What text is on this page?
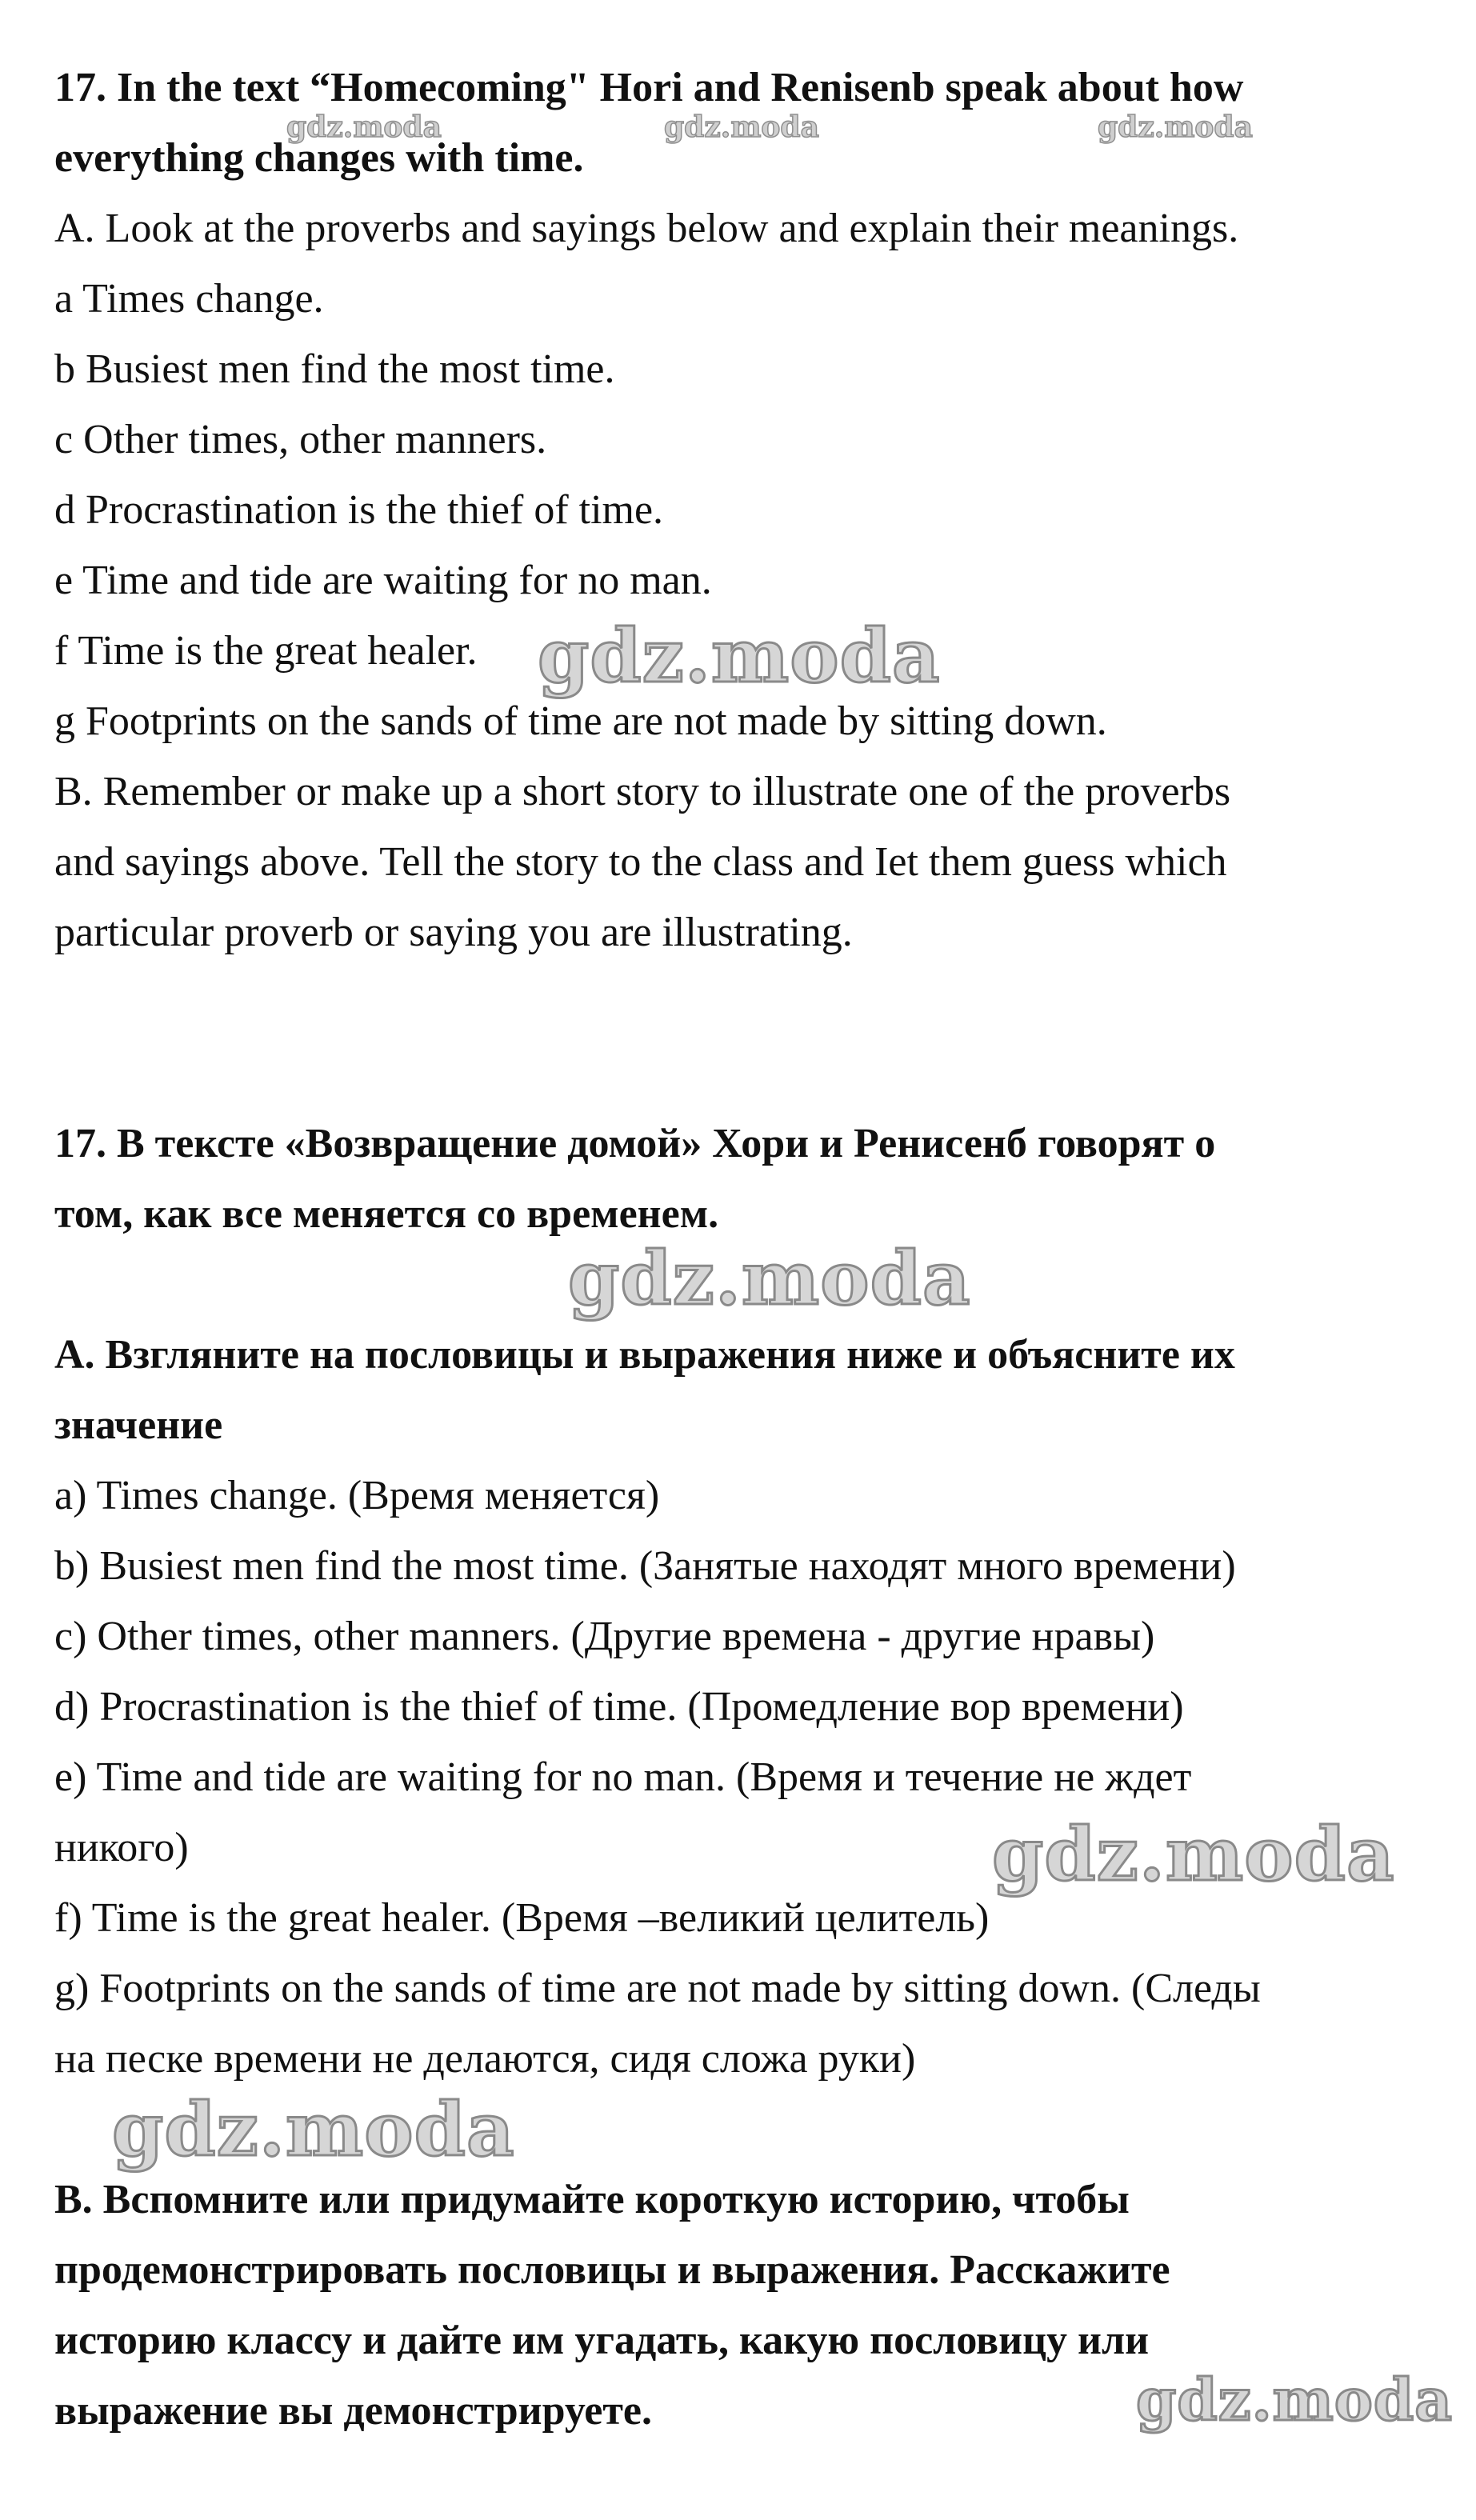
17. In the text “Homecoming" Hori and Renisenb speak about how
everything changes with time.
A. Look at the proverbs and sayings below and explain their meanings.
a Times change.
b Busiest men find the most time.
c Other times, other manners.
d Procrastination is the thief of time.
e Time and tide are waiting for no man.
f Time is the great healer.
g Footprints on the sands of time are not made by sitting down.
B. Remember or make up a short story to illustrate one of the proverbs
and sayings above. Tell the story to the class and Iet them guess which
particular proverb or saying you are illustrating.
17. В тексте «Возвращение домой» Хори и Ренисенб говорят о
том, как все меняется со временем.
А. Взгляните на пословицы и выражения ниже и объясните их
значение
a) Times change. (Время меняется)
b) Busiest men find the most time. (Занятые находят много времени)
c) Other times, other manners. (Другие времена - другие нравы)
d) Procrastination is the thief of time. (Промедление вор времени)
e) Time and tide are waiting for no man. (Время и течение не ждет
никого)
f) Time is the great healer. (Время –великий целитель)
g) Footprints on the sands of time are not made by sitting down. (Следы
на песке времени не делаются, сидя сложа руки)
В. Вспомните или придумайте короткую историю, чтобы
продемонстрировать пословицы и выражения. Расскажите
историю классу и дайте им угадать, какую пословицу или
выражение вы демонстрируете.
gdz.moda	gdz.moda	gdz.moda
gdz.moda
gdz.moda
gdz.moda
gdz.moda
gdz.moda
